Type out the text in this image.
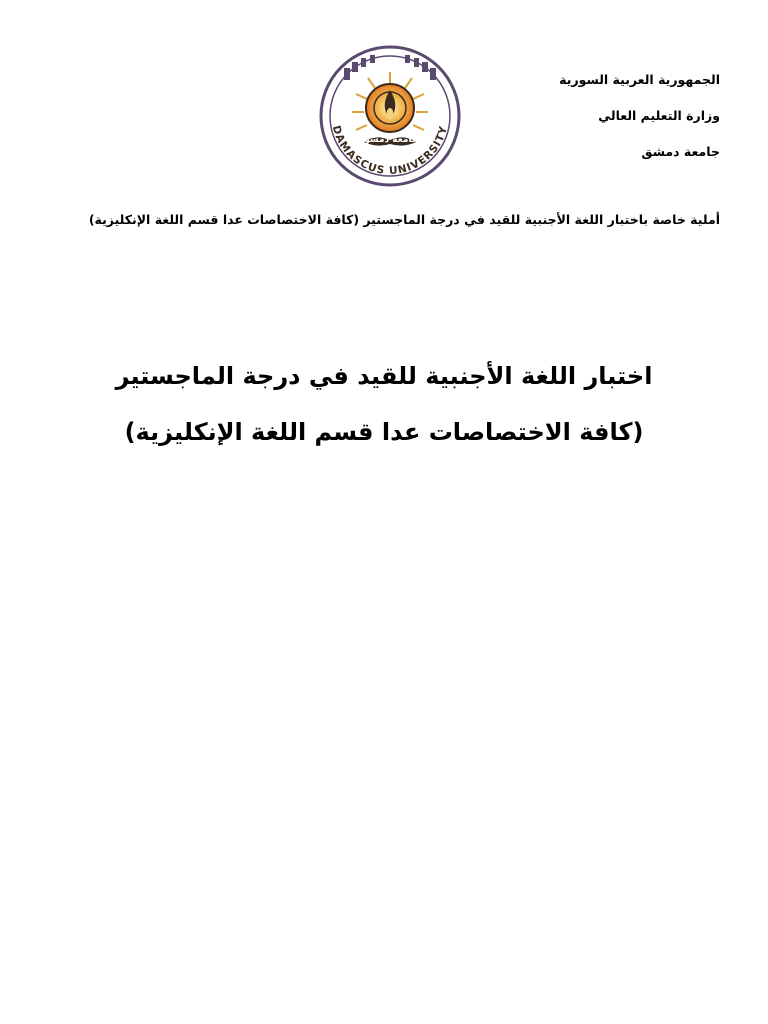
جامعة دمشق
DAMASCUS UNIVERSITY
الجمهورية العربية السورية
وزارة التعليم العالي
جامعة دمشق
أملية خاصة باختبار اللغة الأجنبية للقيد في درجة الماجستير (كافة الاختصاصات عدا قسم اللغة الإنكليزية)
اختبار اللغة الأجنبية للقيد في درجة الماجستير
(كافة الاختصاصات عدا قسم اللغة الإنكليزية)
